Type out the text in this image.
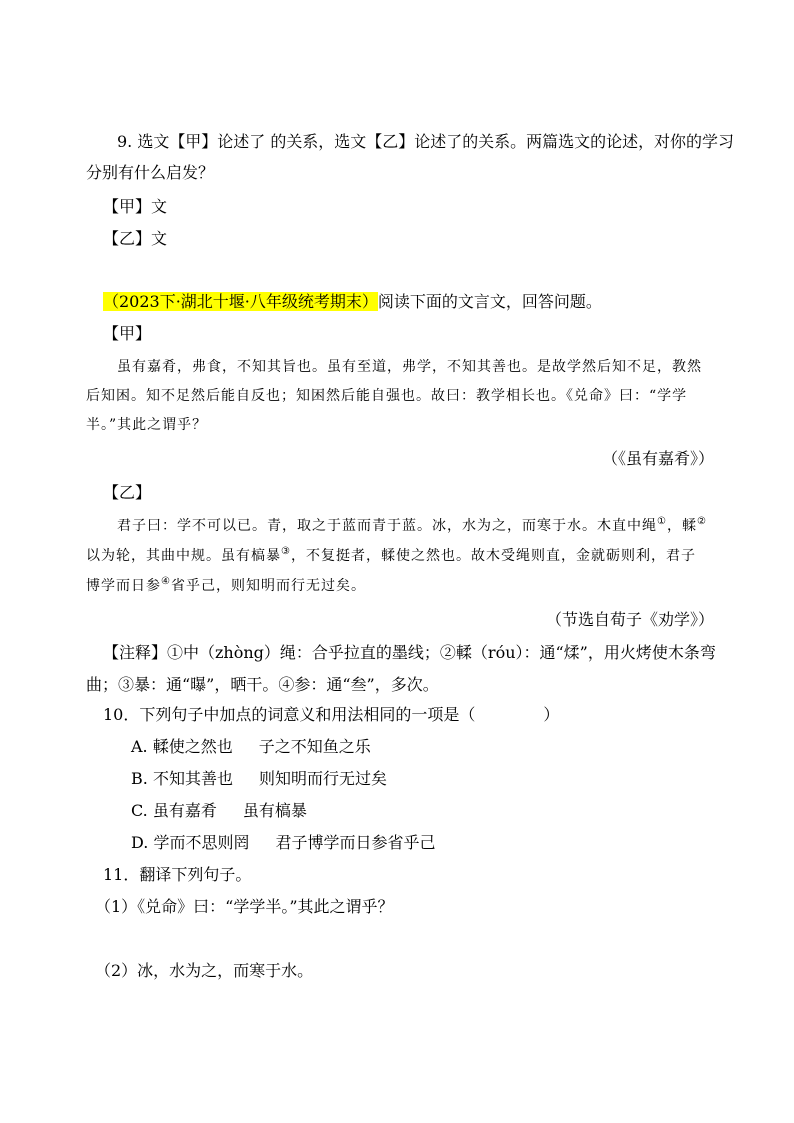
9. 选文【甲】论述了 的关系，选文【乙】论述了的关系。两篇选文的论述，对你的学习
分别有什么启发？
【甲】文
【乙】文
（2023下·湖北十堰·八年级统考期末）阅读下面的文言文，回答问题。
【甲】
虽有嘉肴，弗食，不知其旨也。虽有至道，弗学，不知其善也。是故学然后知不足，教然
后知困。知不足然后能自反也；知困然后能自强也。故曰：教学相长也。《兑命》曰：“学学
半。”其此之谓乎？
（《虽有嘉肴》）
【乙】
君子曰：学不可以已。青，取之于蓝而青于蓝。冰，水为之，而寒于水。木直中绳①，輮②
以为轮，其曲中规。虽有槁暴③，不复挺者，輮使之然也。故木受绳则直，金就砺则利，君子
博学而日参④省乎己，则知明而行无过矣。
（节选自荀子《劝学》）
【注释】①中（zhòng）绳：合乎拉直的墨线；②輮（róu）：通“煣”，用火烤使木条弯
曲；③暴：通“曝”，晒干。④参：通“叁”，多次。
10．下列句子中加点的词意义和用法相同的一项是（	）
A. 輮使之然也 子之不知鱼之乐
B. 不知其善也 则知明而行无过矣
C. 虽有嘉肴 虽有槁暴
D. 学而不思则罔 君子博学而日参省乎己
11．翻译下列句子。
（1）《兑命》曰：“学学半。”其此之谓乎？
（2）冰，水为之，而寒于水。
